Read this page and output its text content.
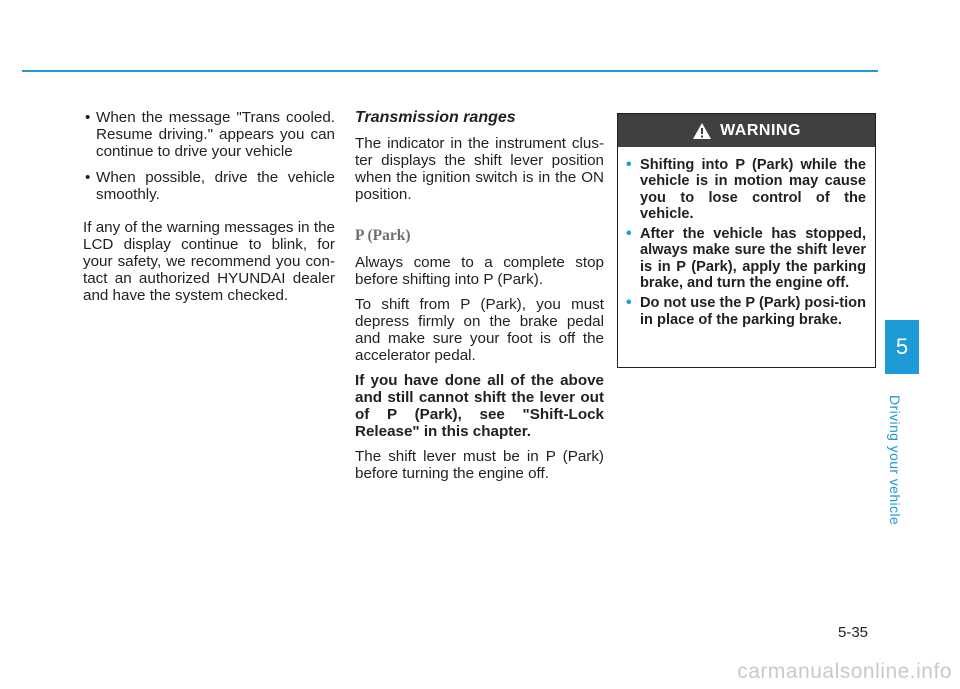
• When the message "Trans cooled. Resume driving." appears you can continue to drive your vehicle
• When possible, drive the vehicle smoothly.

If any of the warning messages in the LCD display continue to blink, for your safety, we recommend you con-tact an authorized HYUNDAI dealer and have the system checked.

Transmission ranges

The indicator in the instrument clus-ter displays the shift lever position when the ignition switch is in the ON position.

P (Park)

Always come to a complete stop before shifting into P (Park).

To shift from P (Park), you must depress firmly on the brake pedal and make sure your foot is off the accelerator pedal.

If you have done all of the above and still cannot shift the lever out of P (Park), see "Shift-Lock Release" in this chapter.

The shift lever must be in P (Park) before turning the engine off.

WARNING
• Shifting into P (Park) while the vehicle is in motion may cause you to lose control of the vehicle.
• After the vehicle has stopped, always make sure the shift lever is in P (Park), apply the parking brake, and turn the engine off.
• Do not use the P (Park) posi-tion in place of the parking brake.
5
Driving your vehicle
5-35
carmanualsonline.info
